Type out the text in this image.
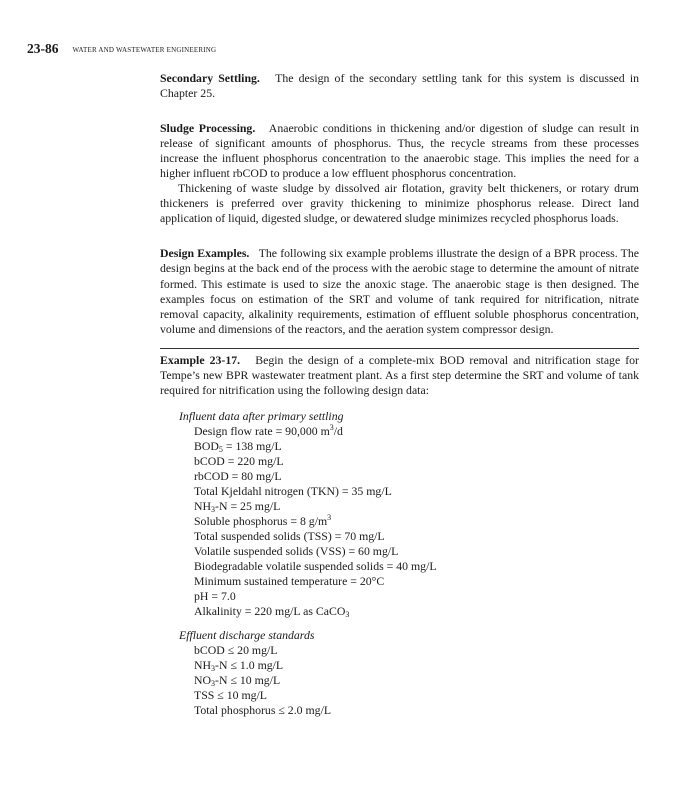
23-86 WATER AND WASTEWATER ENGINEERING

Secondary Settling. The design of the secondary settling tank for this system is discussed in Chapter 25.

Sludge Processing. Anaerobic conditions in thickening and/or digestion of sludge can result in release of significant amounts of phosphorus. Thus, the recycle streams from these processes increase the influent phosphorus concentration to the anaerobic stage. This implies the need for a higher influent rbCOD to produce a low effluent phosphorus concentration.

Thickening of waste sludge by dissolved air flotation, gravity belt thickeners, or rotary drum thickeners is preferred over gravity thickening to minimize phosphorus release. Direct land application of liquid, digested sludge, or dewatered sludge minimizes recycled phosphorus loads.

Design Examples. The following six example problems illustrate the design of a BPR process. The design begins at the back end of the process with the aerobic stage to determine the amount of nitrate formed. This estimate is used to size the anoxic stage. The anaerobic stage is then designed. The examples focus on estimation of the SRT and volume of tank required for nitrification, nitrate removal capacity, alkalinity requirements, estimation of effluent soluble phosphorus concentration, volume and dimensions of the reactors, and the aeration system compressor design.

Example 23-17. Begin the design of a complete-mix BOD removal and nitrification stage for Tempe’s new BPR wastewater treatment plant. As a first step determine the SRT and volume of tank required for nitrification using the following design data:

Influent data after primary settling
Design flow rate = 90,000 $m^3/d$
$BOD_5 = 138$ mg/L
bCOD = 220 mg/L
rbCOD = 80 mg/L
Total Kjeldahl nitrogen (TKN) = 35 mg/L
$NH_3-N = 25$ mg/L
Soluble phosphorus = 8 $g/m^3$
Total suspended solids (TSS) = 70 mg/L
Volatile suspended solids (VSS) = 60 mg/L
Biodegradable volatile suspended solids = 40 mg/L
Minimum sustained temperature = 20°C
pH = 7.0
Alkalinity = 220 mg/L as CaCO$_3$
Effluent discharge standards
bCOD ≤ 20 mg/L
$NH_3-N \le 1.0$ mg/L
$NO_3-N \le 10$ mg/L
TSS ≤ 10 mg/L
Total phosphorus ≤ 2.0 mg/L
